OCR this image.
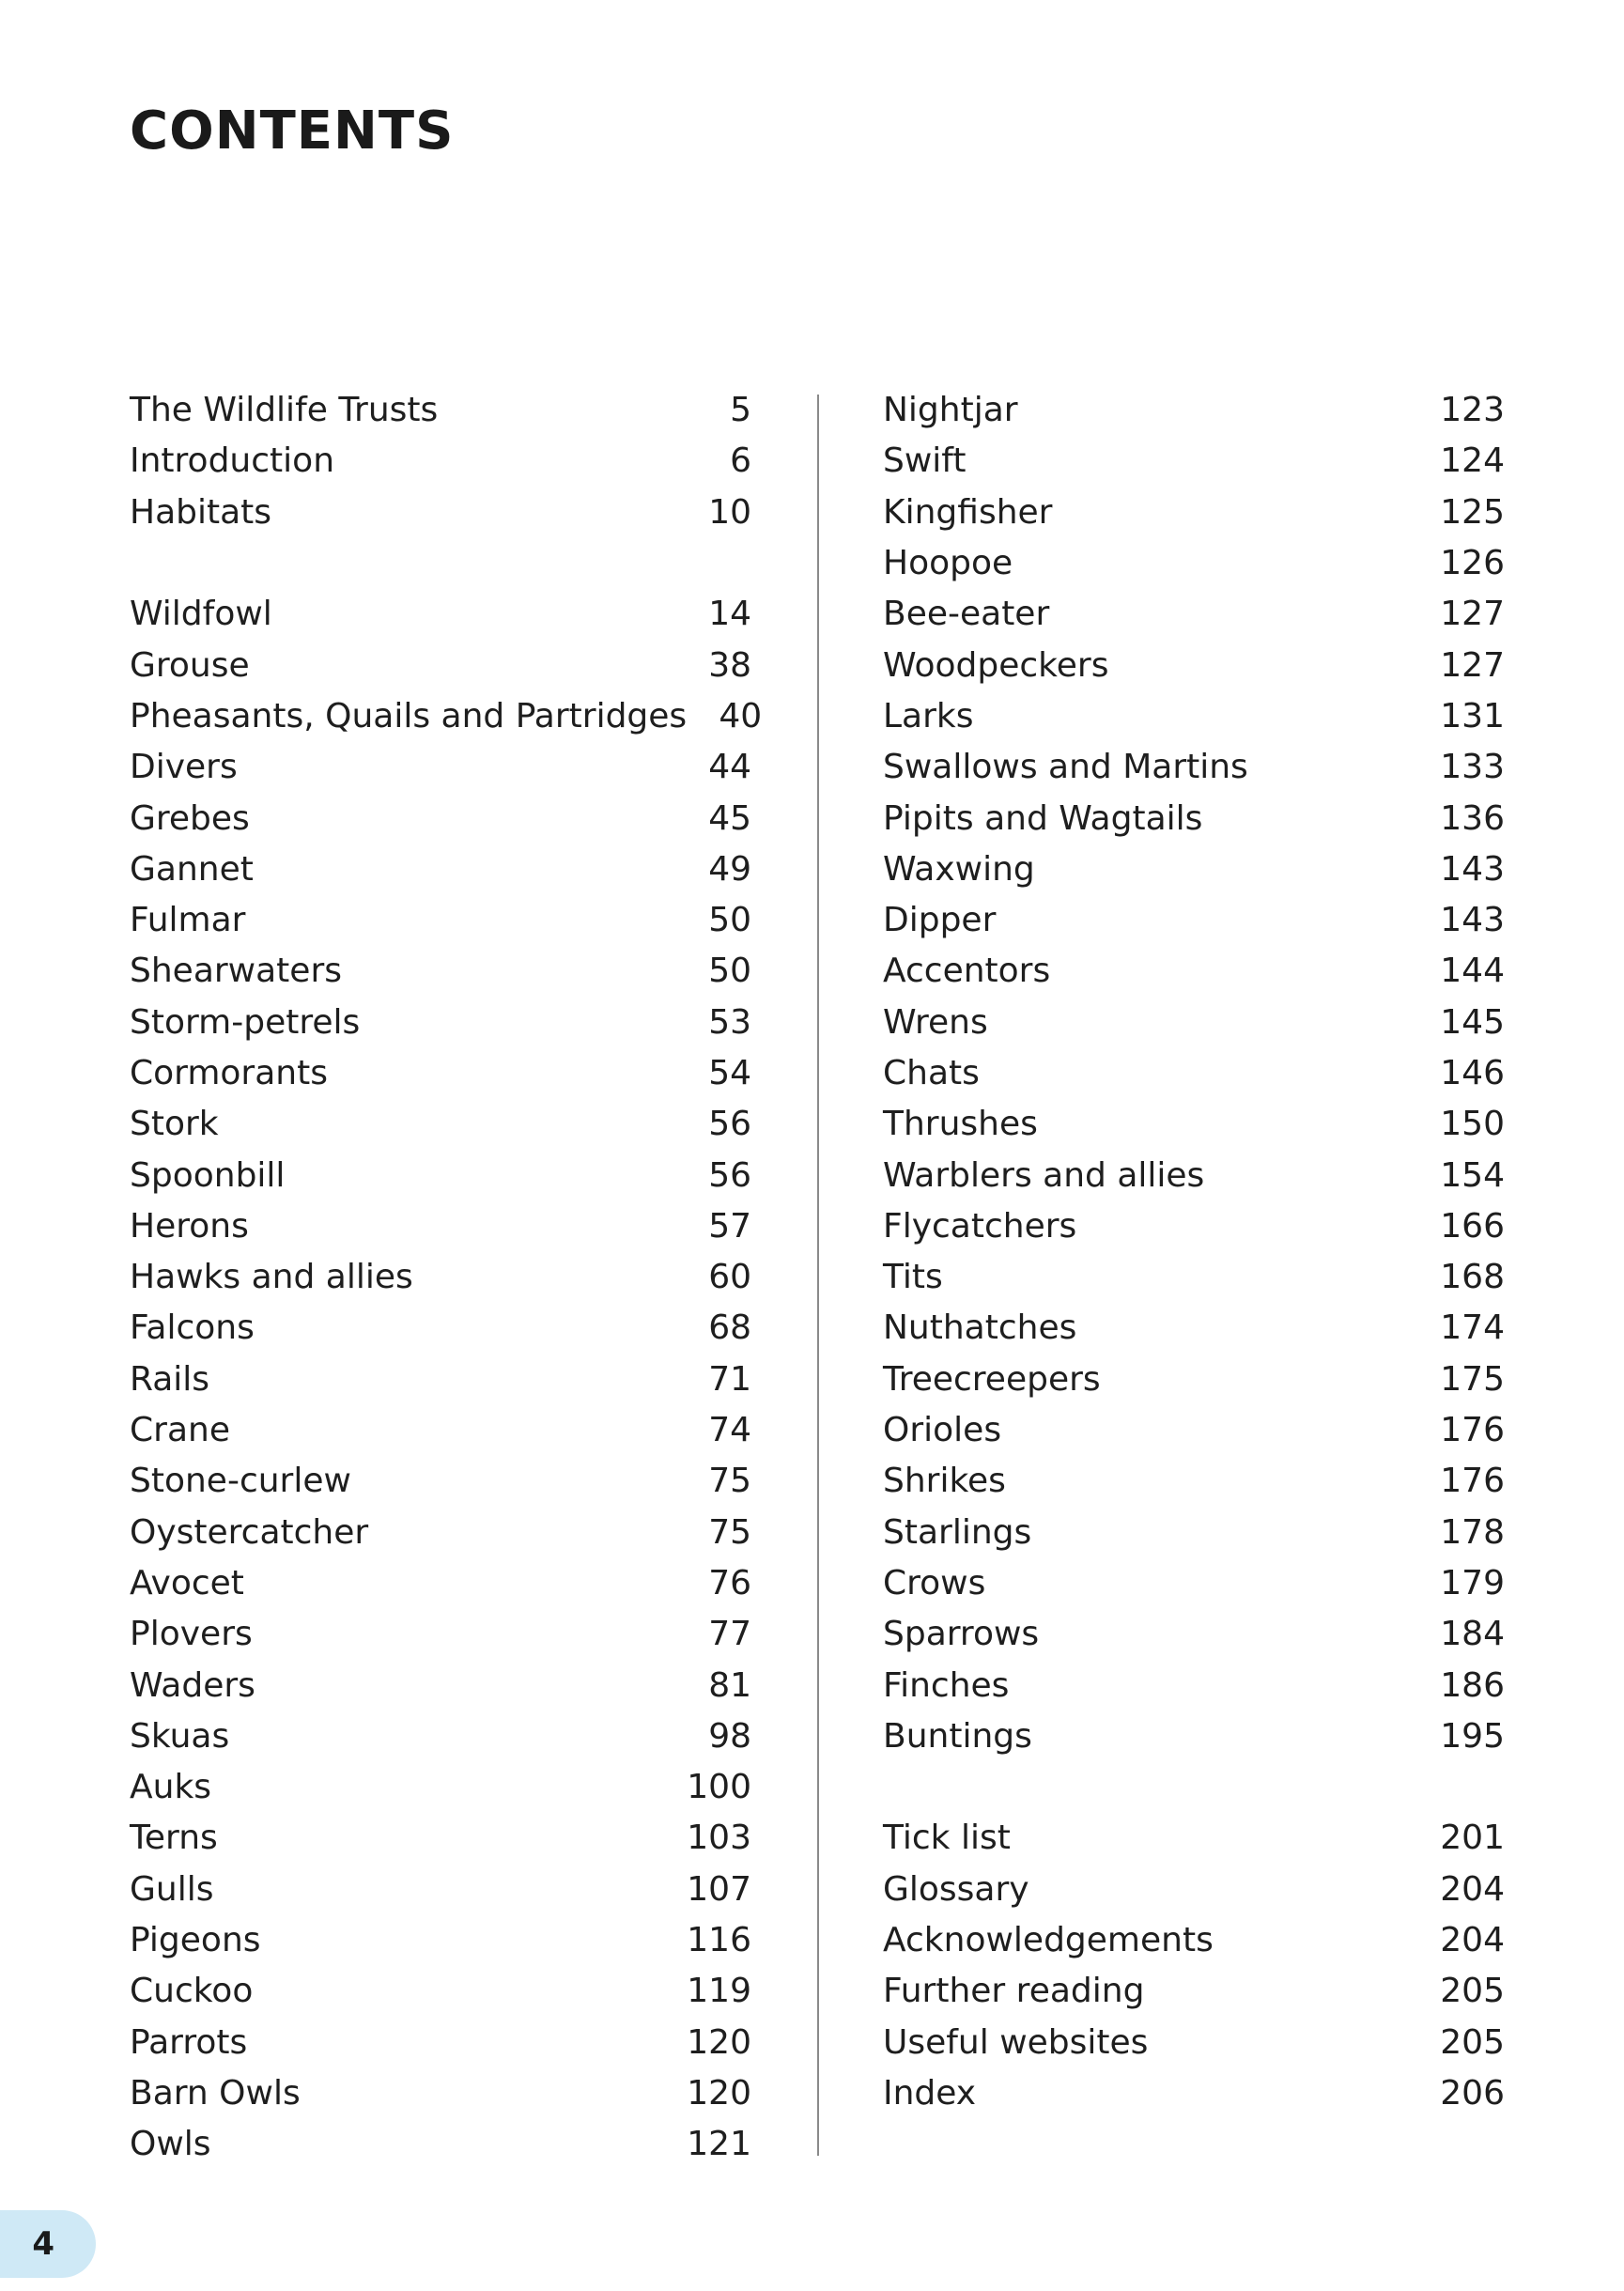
CONTENTS
The Wildlife Trusts	5
Introduction	6
Habitats	10
Wildfowl	14
Grouse	38
Pheasants, Quails and Partridges 40
Divers	44
Grebes	45
Gannet	49
Fulmar	50
Shearwaters	50
Storm-petrels	53
Cormorants	54
Stork	56
Spoonbill	56
Herons	57
Hawks and allies	60
Falcons	68
Rails	71
Crane	74
Stone-curlew	75
Oystercatcher	75
Avocet	76
Plovers	77
Waders	81
Skuas	98
Auks	100
Terns	103
Gulls	107
Pigeons	116
Cuckoo	119
Parrots	120
Barn Owls	120
Owls	121
Nightjar	123
Swift	124
Kingfisher	125
Hoopoe	126
Bee-eater	127
Woodpeckers	127
Larks	131
Swallows and Martins	133
Pipits and Wagtails	136
Waxwing	143
Dipper	143
Accentors	144
Wrens	145
Chats	146
Thrushes	150
Warblers and allies	154
Flycatchers	166
Tits	168
Nuthatches	174
Treecreepers	175
Orioles	176
Shrikes	176
Starlings	178
Crows	179
Sparrows	184
Finches	186
Buntings	195
Tick list	201
Glossary	204
Acknowledgements	204
Further reading	205
Useful websites	205
Index	206
4
